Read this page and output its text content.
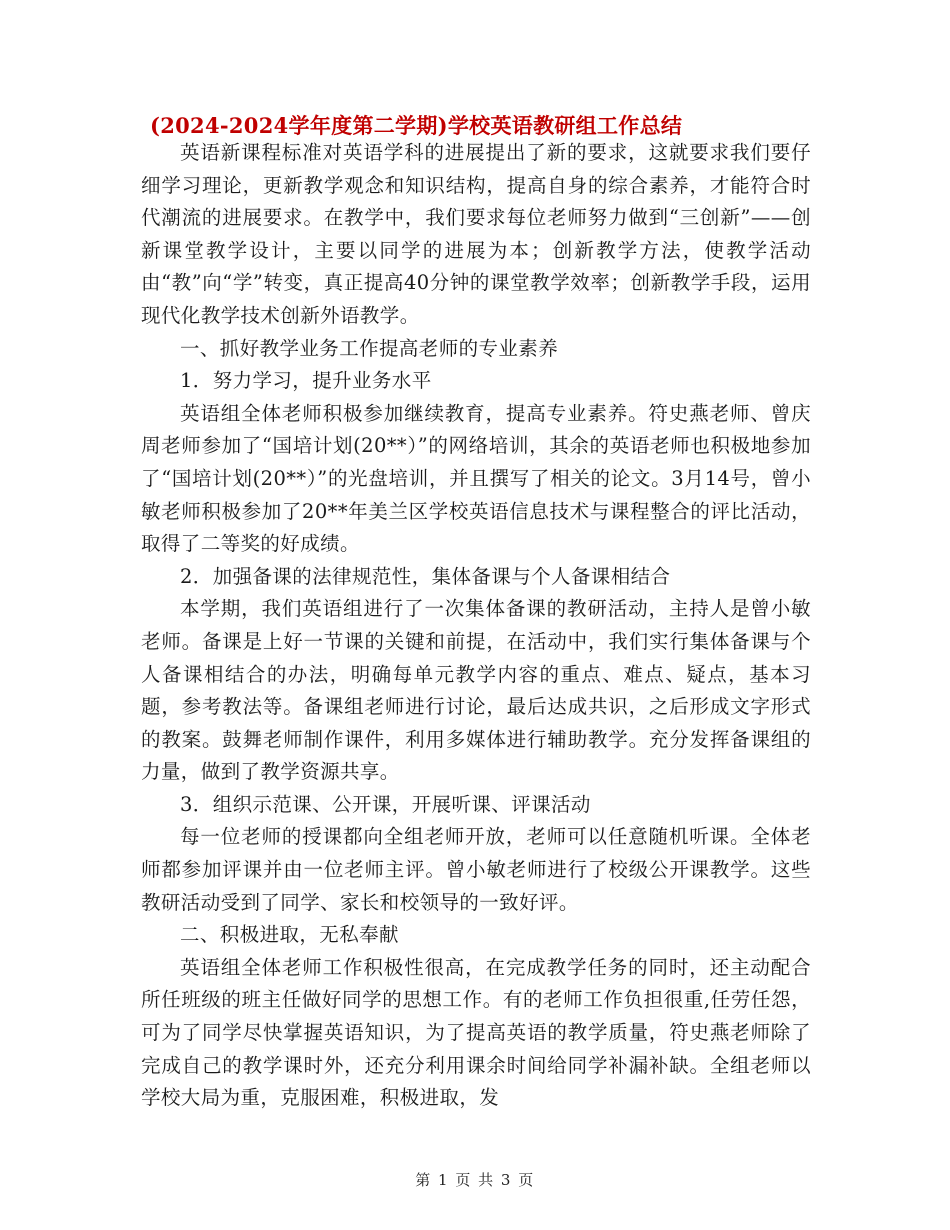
(2024-2024学年度第二学期)学校英语教研组工作总结

英语新课程标准对英语学科的进展提出了新的要求，这就要求我们要仔细学习理论，更新教学观念和知识结构，提高自身的综合素养，才能符合时代潮流的进展要求。在教学中，我们要求每位老师努力做到“三创新”——创新课堂教学设计，主要以同学的进展为本；创新教学方法，使教学活动由“教”向“学”转变，真正提高40分钟的课堂教学效率；创新教学手段，运用现代化教学技术创新外语教学。

一、抓好教学业务工作提高老师的专业素养

1．努力学习，提升业务水平

英语组全体老师积极参加继续教育，提高专业素养。符史燕老师、曾庆周老师参加了“国培计划(20**）”的网络培训，其余的英语老师也积极地参加了“国培计划(20**）”的光盘培训，并且撰写了相关的论文。3月14号，曾小敏老师积极参加了20**年美兰区学校英语信息技术与课程整合的评比活动，取得了二等奖的好成绩。

2．加强备课的法律规范性，集体备课与个人备课相结合

本学期，我们英语组进行了一次集体备课的教研活动，主持人是曾小敏老师。备课是上好一节课的关键和前提，在活动中，我们实行集体备课与个人备课相结合的办法，明确每单元教学内容的重点、难点、疑点，基本习题，参考教法等。备课组老师进行讨论，最后达成共识，之后形成文字形式的教案。鼓舞老师制作课件，利用多媒体进行辅助教学。充分发挥备课组的力量，做到了教学资源共享。

3．组织示范课、公开课，开展听课、评课活动

每一位老师的授课都向全组老师开放，老师可以任意随机听课。全体老师都参加评课并由一位老师主评。曾小敏老师进行了校级公开课教学。这些教研活动受到了同学、家长和校领导的一致好评。

二、积极进取，无私奉献

英语组全体老师工作积极性很高，在完成教学任务的同时，还主动配合所任班级的班主任做好同学的思想工作。有的老师工作负担很重,任劳任怨，可为了同学尽快掌握英语知识，为了提高英语的教学质量，符史燕老师除了完成自己的教学课时外，还充分利用课余时间给同学补漏补缺。全组老师以学校大局为重，克服困难，积极进取，发

第 1 页 共 3 页
